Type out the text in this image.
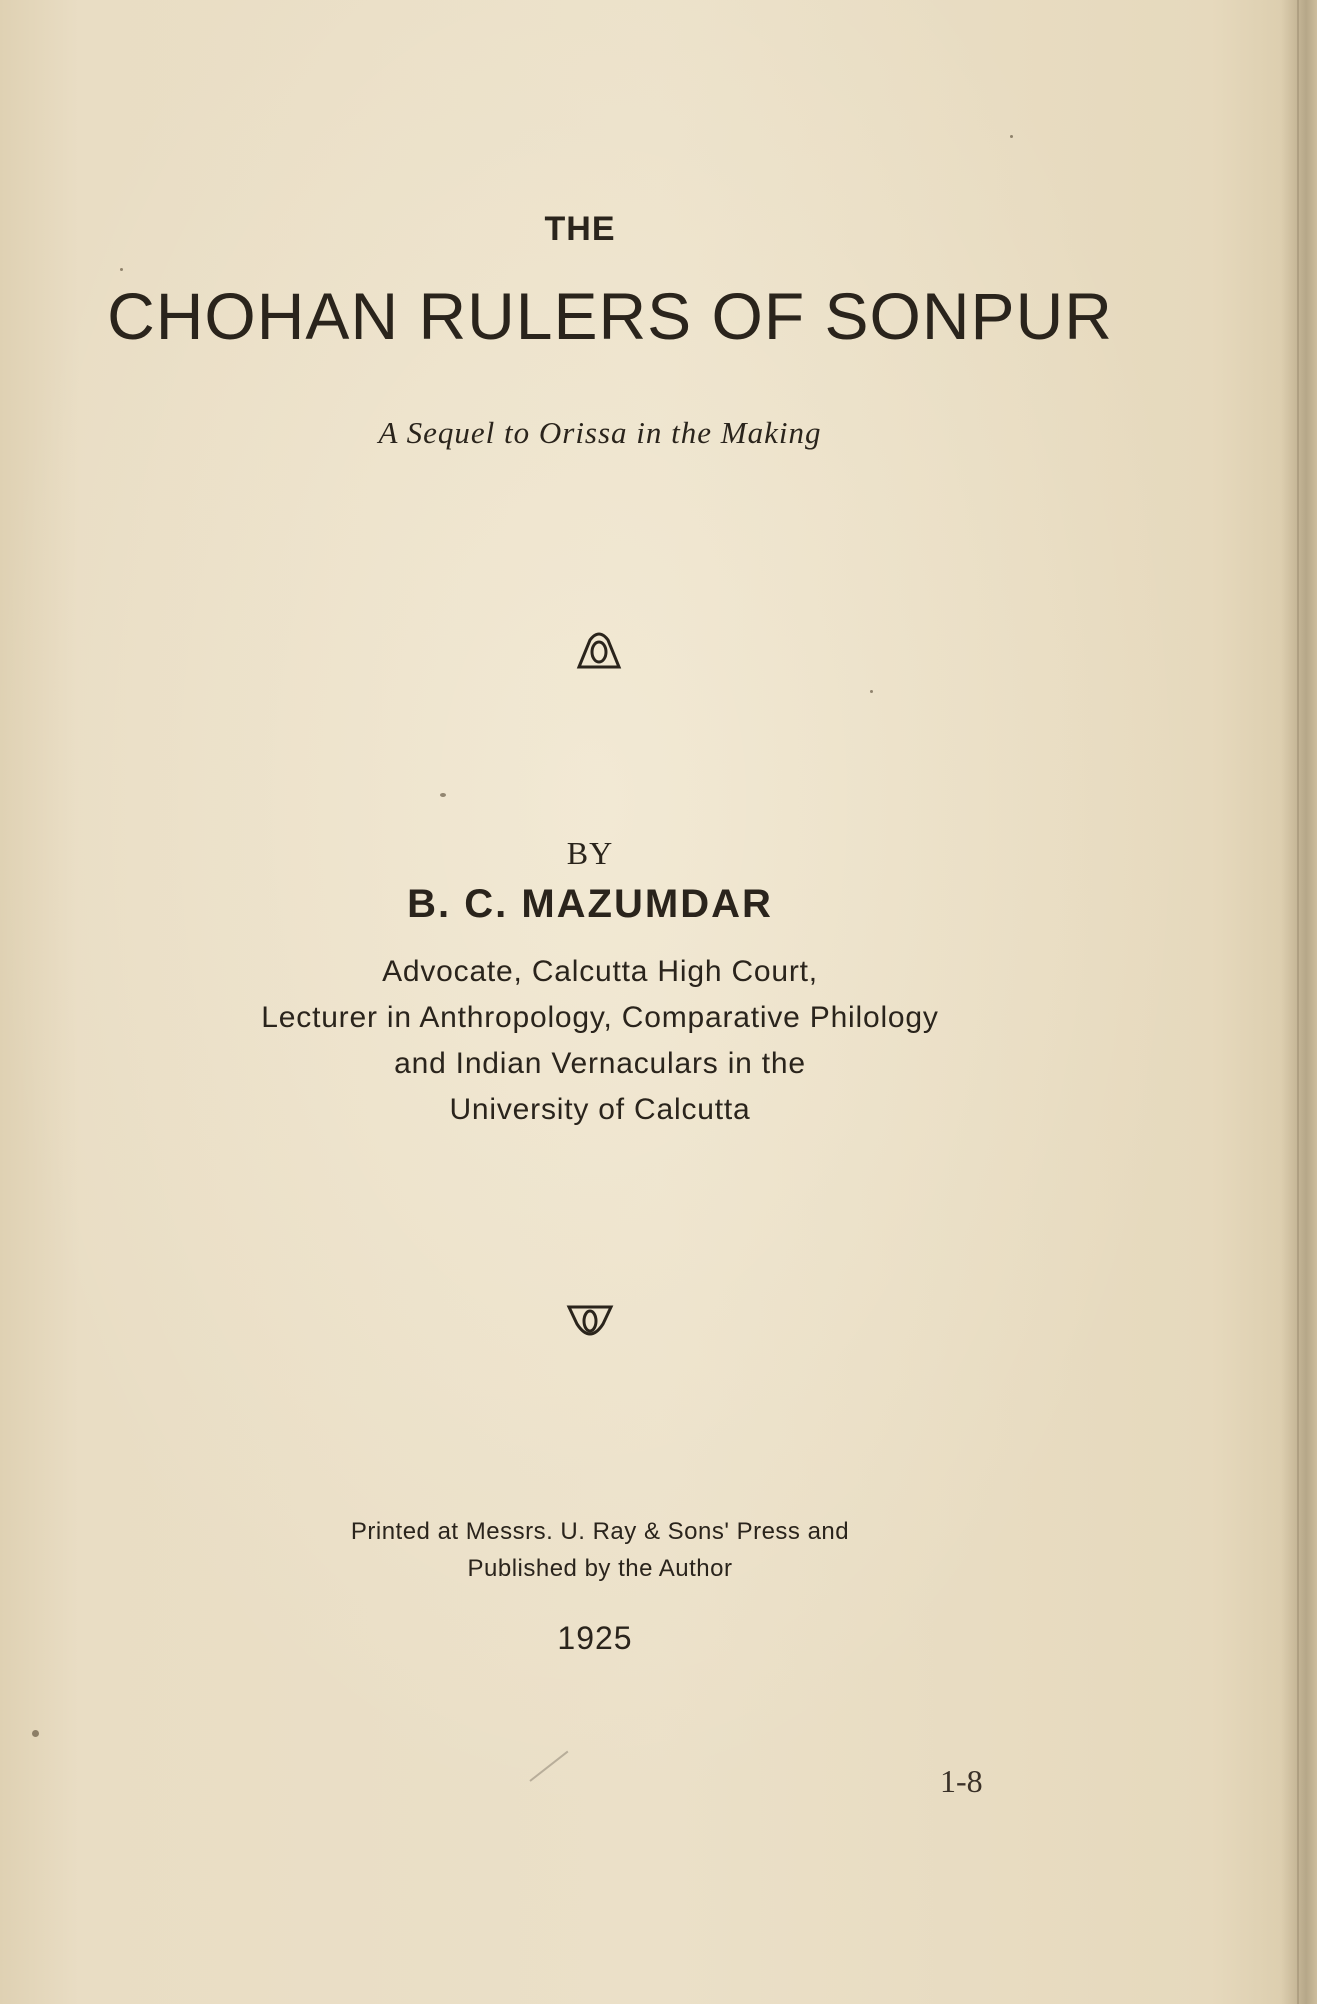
THE
CHOHAN RULERS OF SONPUR
A Sequel to Orissa in the Making
BY
B. C. MAZUMDAR
Advocate, Calcutta High Court,
Lecturer in Anthropology, Comparative Philology
and Indian Vernaculars in the
University of Calcutta
Printed at Messrs. U. Ray & Sons' Press and
Published by the Author
1925
1-8
